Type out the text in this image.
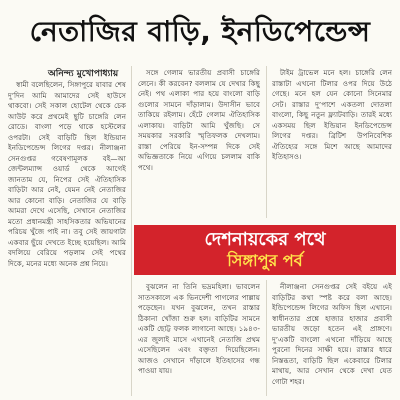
নেতাজির বাড়ি, ইনডিপেন্ডেন্স
অনিন্দ্য মুখোপাধ্যায়
স্বামী বলেছিলেন, সিঙ্গাপুরে যাবার শেষ দু’দিন আমি আমাদের সেই হাউসে থাকবো। সেই সকাল হোটেল থেকে চেক আউট করে প্রথমেই ছুটি চাঙ্গেরি লেন রোডে। বাংলা পড়ে থাকে হস্টেলের ওপরটা। সেই বাড়িটি ছিল ইন্ডিয়ান ইনডিপেন্ডেন্স লিগের দপ্তর। নীলাঞ্জনা সেনগুপ্তর গবেষণামূলক বই—আ জেন্টলম্যান্স ওয়ার্ড থেকে আগেই জানতাম যে, নিপের সেই ঐতিহাসিক বাড়িটা আর নেই, যেমন নেই নেতাজির আর কোনো বাড়ি। নেতাজির যে বাড়ি আমরা দেখে এসেছি, সেখানে নেতাজির মতো প্রধানমন্ত্রী সাহসিকতার অভিযানের পরিচয় খুঁজে পাই না। তবু সেই জায়গাটা একবার ছুঁয়ে দেখতে ইচ্ছে হয়েছিল। আমি বদলিয়ে বেরিয়ে পড়লাম সেই পথের দিকে, মনের মধ্যে অনেক প্রশ্ন নিয়ে।
সঙ্গে গেলাম ভারতীয় প্রবাসী চাঙ্গেরি লেনে। কী করবেন? বললাম যে দেখার কিছু নেই। পথ এলাকা পার হয়ে বাংলো বাড়ি গুলোর সামনে দাঁড়ালাম। উদাসীন ভাবে তাকিয়ে রইলাম। হেঁটে গেলাম ঐতিহাসিক এলাকায়। বাড়িটা আমি খুঁজছি। সে সময়কার সরকারি স্মৃতিফলক দেখলাম। রাস্তা পেরিয়ে ইন-সম্পন্ন দিকে সেই অভিজ্ঞতাকে নিয়ে এগিয়ে চললাম বাকি পথে।
টাইম ট্রাভেল মনে হল। চাঙ্গেরি লেন রাস্তাটা এখনো টিলার ওপর দিয়ে উঠে গেছে। মনে হল যেন কোনো সিনেমার সেট। রাস্তার দু’পাশে একতলা দোতলা বাংলো, কিছু নতুন ফ্ল্যাটবাড়ি। তারই মধ্যে একসময় ছিল ইন্ডিয়ান ইনডিপেন্ডেন্স লিগের দপ্তর। ব্রিটিশ উপনিবেশিক ঐতিহ্যের সঙ্গে মিশে আছে আমাদের ইতিহাসও।
দেশনায়কের পথে
সিঙ্গাপুর পর্ব
বুঝলেন না তিনি ভদ্রমহিলা। ভাবলেন সাতসকালে এক ভিনদেশী পাগলের পাল্লায় পড়েছেন। যখন বুঝলেন, তখন রাস্তার ঠিকানা খোঁজা শুরু হল। বাড়িটির সামনে একটি ছোট্ট ফলক লাগানো আছে। ১৯৪৩-এর জুলাই মাসে এখানেই নেতাজি প্রথম এসেছিলেন এবং বক্তৃতা দিয়েছিলেন। আজও সেখানে দাঁড়ালে ইতিহাসের গন্ধ পাওয়া যায়।
নীলাঞ্জনা সেনগুপ্তর সেই বইয়ে এই বাড়িটির কথা স্পষ্ট করে বলা আছে। ইন্ডিপেন্ডেন্স লিগের অফিস ছিল এখানে। স্বাধীনতার প্রশ্নে হাজার হাজার প্রবাসী ভারতীয় জড়ো হতেন এই প্রাঙ্গণে। দু’একটি বাংলো এখনো দাঁড়িয়ে আছে পুরনো দিনের সাক্ষী হয়ে। রাস্তার ধারে নিস্তব্ধতা, বাড়িটি ছিল একেবারে টিলার মাথায়, আর সেখান থেকে দেখা যেত গোটা শহর।
